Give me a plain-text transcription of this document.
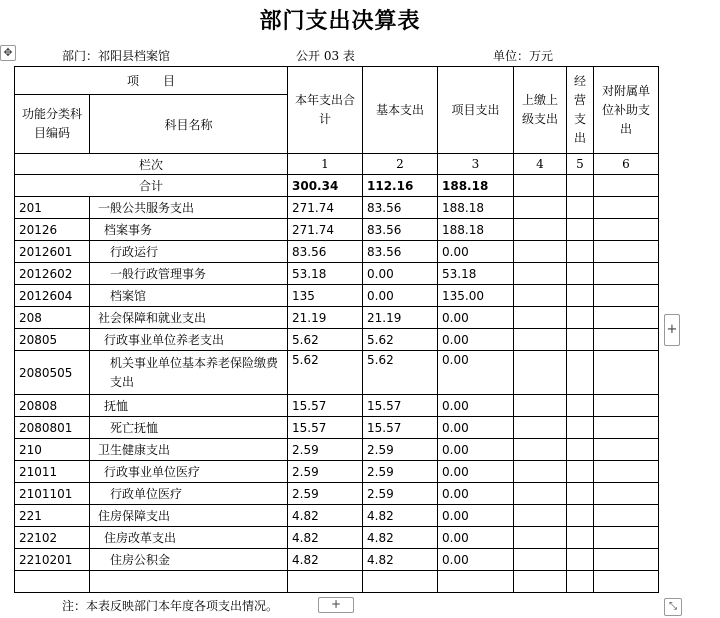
部门支出决算表
✥	部门：祁阳县档案馆	公开 03 表	单位：万元
项　　目		本年支出合计	基本支出	项目支出	上缴上级支出	经营支出	对附属单位补助支出
功能分类科目编码	科目名称						
栏次		1	2	3	4	5	6
合计		300.34	112.16	188.18			
201	一般公共服务支出	271.74	83.56	188.18			
20126	档案事务	271.74	83.56	188.18			
2012601	行政运行	83.56	83.56	0.00			
2012602	一般行政管理事务	53.18	0.00	53.18			
2012604	档案馆	135	0.00	135.00			
208	社会保障和就业支出	21.19	21.19	0.00			
20805	行政事业单位养老支出	5.62	5.62	0.00			
2080505	机关事业单位基本养老保险缴费支出	5.62	5.62	0.00			
20808	抚恤	15.57	15.57	0.00			
2080801	死亡抚恤	15.57	15.57	0.00			
210	卫生健康支出	2.59	2.59	0.00			
21011	行政事业单位医疗	2.59	2.59	0.00			
2101101	行政单位医疗	2.59	2.59	0.00			
221	住房保障支出	4.82	4.82	0.00			
22102	住房改革支出	4.82	4.82	0.00			
2210201	住房公积金	4.82	4.82	0.00			

+
注：本表反映部门本年度各项支出情况。	+	⤡
